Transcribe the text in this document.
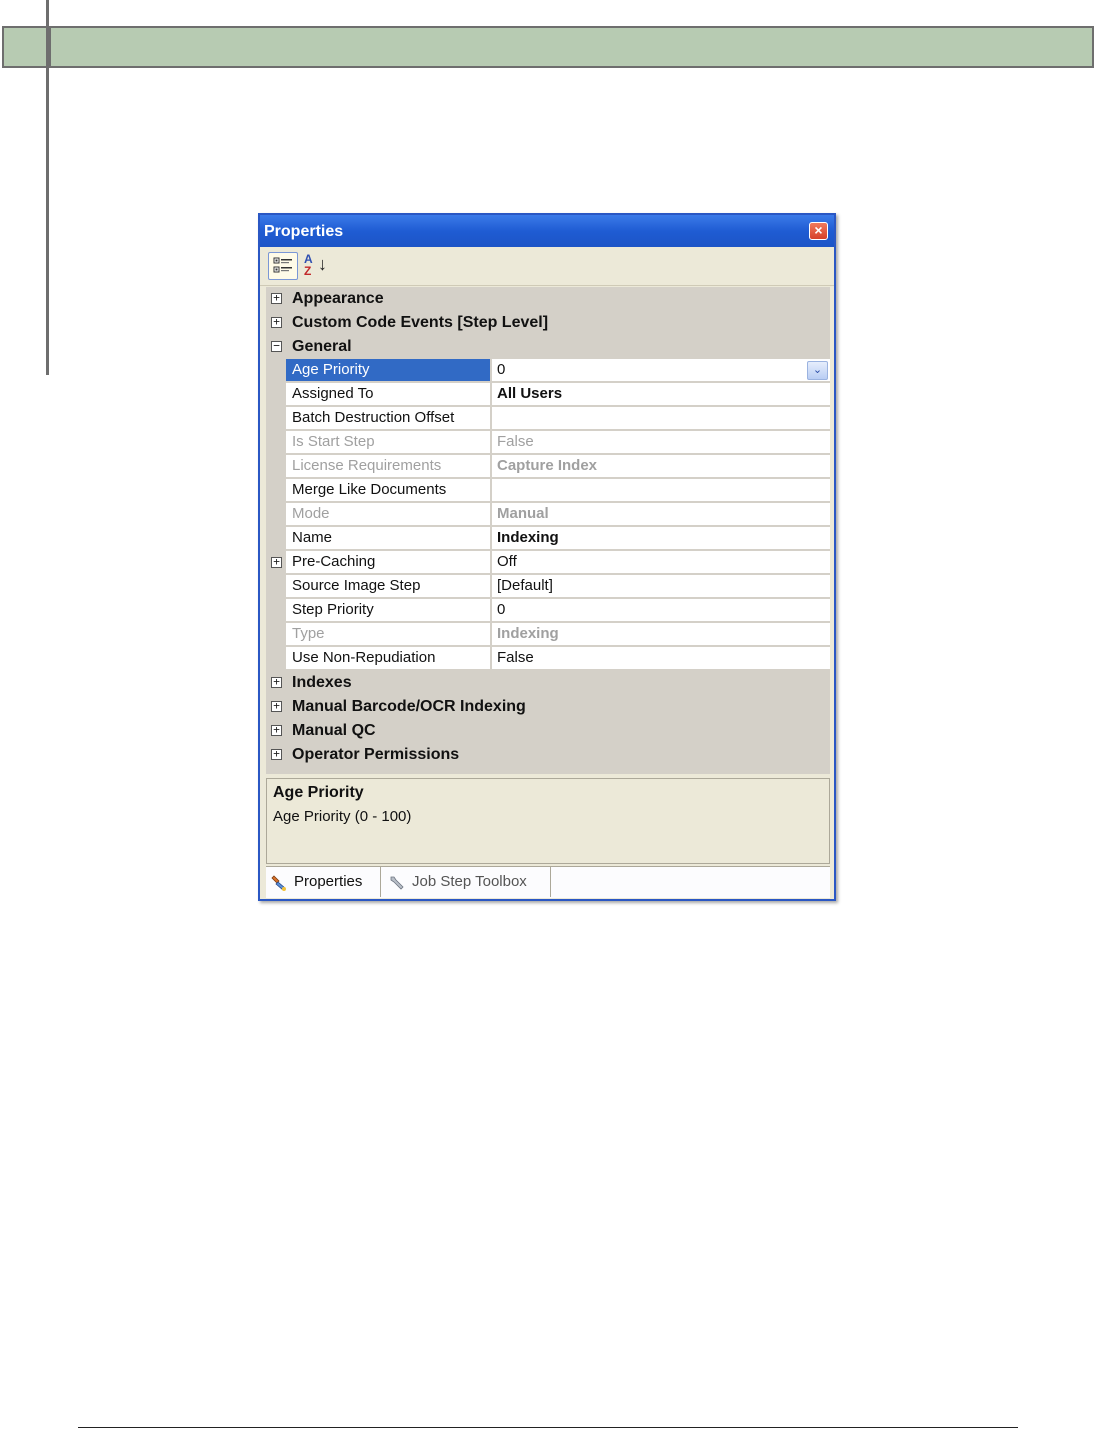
Properties	×
A
Z ↓
+ Appearance
+ Custom Code Events [Step Level]
− General
Age Priority	0	⌄
Assigned To	All Users
Batch Destruction Offset
Is Start Step	False
License Requirements	Capture Index
Merge Like Documents
Mode	Manual
Name	Indexing
+ Pre-Caching	Off
Source Image Step	[Default]
Step Priority	0
Type	Indexing
Use Non-Repudiation	False
+ Indexes
+ Manual Barcode/OCR Indexing
+ Manual QC
+ Operator Permissions
Age Priority
Age Priority (0 - 100)
Properties	Job Step Toolbox
